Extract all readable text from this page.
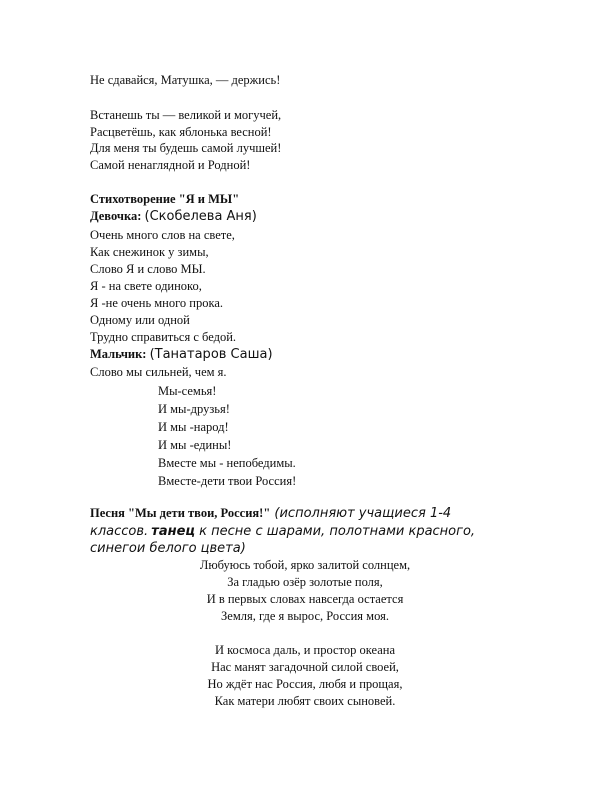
Не сдавайся, Матушка, — держись!
Встанешь ты — великой и могучей,
Расцветёшь, как яблонька весной!
Для меня ты будешь самой лучшей!
Самой ненаглядной и Родной!
Стихотворение "Я и МЫ"
Девочка: (Скобелева Аня)
Очень много слов на свете,
Как снежинок у зимы,
Слово Я и слово МЫ.
Я - на свете одиноко,
Я -не очень много прока.
Одному или одной
Трудно справиться с бедой.
Мальчик: (Танатаров Саша)
Слово мы сильней, чем я.
Мы-семья!
И мы-друзья!
И мы -народ!
И мы -едины!
Вместе мы - непобедимы.
Вместе-дети твои Россия!
Песня "Мы дети твои, Россия!" (исполняют учащиеся 1-4
классов. танец к песне с шарами, полотнами красного,
синегои белого цвета)
Любуюсь тобой, ярко залитой солнцем,
За гладью озёр золотые поля,
И в первых словах навсегда остается
Земля, где я вырос, Россия моя.
И космоса даль, и простор океана
Нас манят загадочной силой своей,
Но ждёт нас Россия, любя и прощая,
Как матери любят своих сыновей.
